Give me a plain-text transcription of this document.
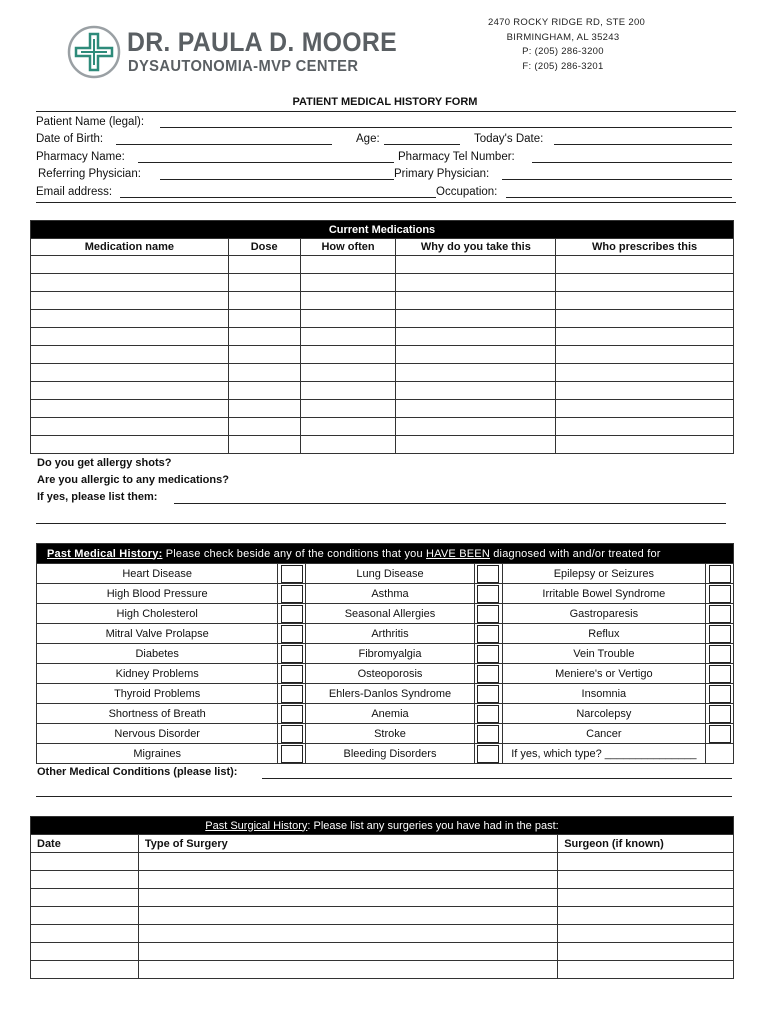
DR. PAULA D. MOORE
DYSAUTONOMIA-MVP CENTER
2470 ROCKY RIDGE RD, STE 200
BIRMINGHAM, AL 35243
P: (205) 286-3200
F: (205) 286-3201
PATIENT MEDICAL HISTORY FORM
Patient Name (legal):
Date of Birth:	Age:	Today's Date:
Pharmacy Name:	Pharmacy Tel Number:
Referring Physician:	Primary Physician:
Email address:	Occupation:
Current Medications				
Medication name	Dose	How often	Why do you take this	Who prescribes this

Do you get allergy shots?
Are you allergic to any medications?
If yes, please list them:
Past Medical History: Please check beside any of the conditions that you HAVE BEEN diagnosed with and/or treated for					
Heart Disease		Lung Disease		Epilepsy or Seizures	
High Blood Pressure		Asthma		Irritable Bowel Syndrome	
High Cholesterol		Seasonal Allergies		Gastroparesis	
Mitral Valve Prolapse		Arthritis		Reflux	
Diabetes		Fibromyalgia		Vein Trouble	
Kidney Problems		Osteoporosis		Meniere's or Vertigo	
Thyroid Problems		Ehlers-Danlos Syndrome		Insomnia	
Shortness of Breath		Anemia		Narcolepsy	
Nervous Disorder		Stroke		Cancer	
Migraines		Bleeding Disorders		If yes, which type? _______________	
Other Medical Conditions (please list):
Past Surgical History: Please list any surgeries you have had in the past:		
Date	Type of Surgery	Surgeon (if known)
